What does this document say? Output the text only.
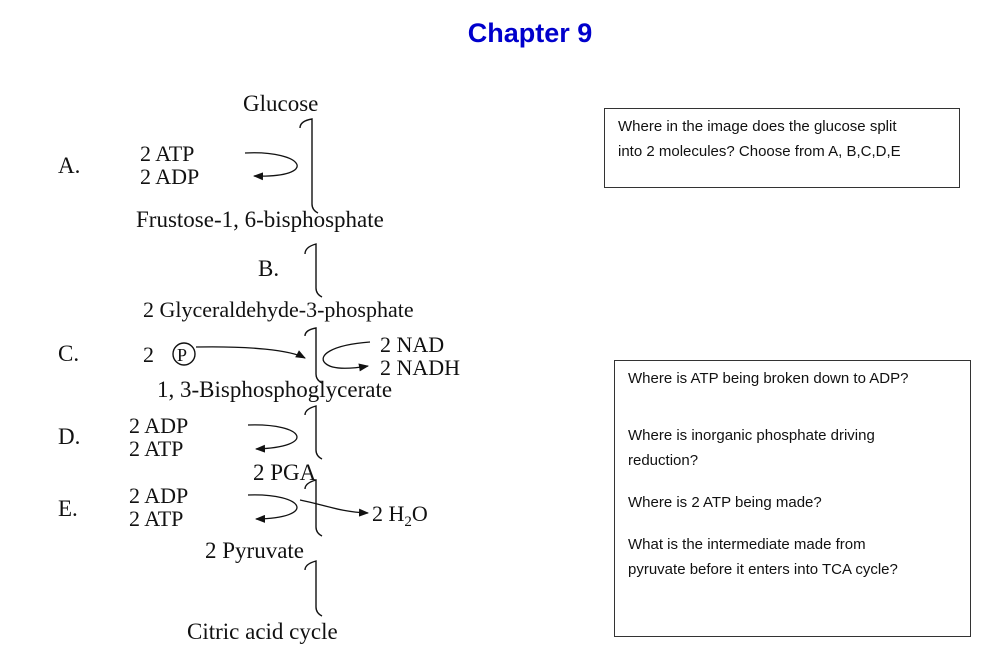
Chapter 9
Glucose
Frustose-1, 6-bisphosphate
2 Glyceraldehyde-3-phosphate
1, 3-Bisphosphoglycerate
2 PGA
2 Pyruvate
Citric acid cycle
A.
B.
C.
D.
E.
2 ATP
2 ADP
2 P	2 NAD
2 NADH
2 ADP
2 ATP
2 ADP
2 ATP	2 $H_2O$

Where in the image does the glucose split

into 2 molecules? Choose from A, B,C,D,E

Where is ATP being broken down to ADP?

Where is inorganic phosphate driving

reduction?

Where is 2 ATP being made?

What is the intermediate made from

pyruvate before it enters into TCA cycle?
